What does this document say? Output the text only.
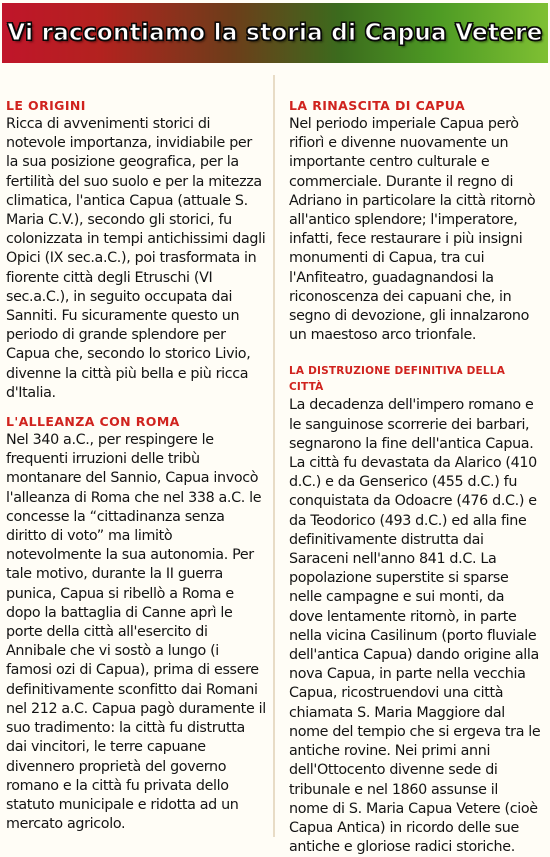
Vi raccontiamo la storia di Capua Vetere
LE ORIGINI

Ricca di avvenimenti storici di notevole importanza, invidiabile per la sua posizione geografica, per la fertilità del suo suolo e per la mitezza climatica, l'antica Capua (attuale S. Maria C.V.), secondo gli storici, fu colonizzata in tempi antichissimi dagli Opici (IX sec.a.C.), poi trasformata in fiorente città degli Etruschi (VI sec.a.C.), in seguito occupata dai Sanniti. Fu sicuramente questo un periodo di grande splendore per Capua che, secondo lo storico Livio, divenne la città più bella e più ricca d'Italia.

L'ALLEANZA CON ROMA

Nel 340 a.C., per respingere le frequenti irruzioni delle tribù montanare del Sannio, Capua invocò l'alleanza di Roma che nel 338 a.C. le concesse la “cittadinanza senza diritto di voto” ma limitò notevolmente la sua autonomia. Per tale motivo, durante la II guerra punica, Capua si ribellò a Roma e dopo la battaglia di Canne aprì le porte della città all'esercito di Annibale che vi sostò a lungo (i famosi ozi di Capua), prima di essere definitivamente sconfitto dai Romani nel 212 a.C. Capua pagò duramente il suo tradimento: la città fu distrutta dai vincitori, le terre capuane divennero proprietà del governo romano e la città fu privata dello statuto municipale e ridotta ad un mercato agricolo.

LA RINASCITA DI CAPUA

Nel periodo imperiale Capua però rifiorì e divenne nuovamente un importante centro culturale e commerciale. Durante il regno di Adriano in particolare la città ritornò all'antico splendore; l'imperatore, infatti, fece restaurare i più insigni monumenti di Capua, tra cui l'Anfiteatro, guadagnandosi la riconoscenza dei capuani che, in segno di devozione, gli innalzarono un maestoso arco trionfale.

LA DISTRUZIONE DEFINITIVA DELLA CITTÀ

La decadenza dell'impero romano e le sanguinose scorrerie dei barbari, segnarono la fine dell'antica Capua. La città fu devastata da Alarico (410 d.C.) e da Genserico (455 d.C.) fu conquistata da Odoacre (476 d.C.) e da Teodorico (493 d.C.) ed alla fine definitivamente distrutta dai Saraceni nell'anno 841 d.C. La popolazione superstite si sparse nelle campagne e sui monti, da dove lentamente ritornò, in parte nella vicina Casilinum (porto fluviale dell'antica Capua) dando origine alla nova Capua, in parte nella vecchia Capua, ricostruendovi una città chiamata S. Maria Maggiore dal nome del tempio che si ergeva tra le antiche rovine. Nei primi anni dell'Ottocento divenne sede di tribunale e nel 1860 assunse il nome di S. Maria Capua Vetere (cioè Capua Antica) in ricordo delle sue antiche e gloriose radici storiche.
